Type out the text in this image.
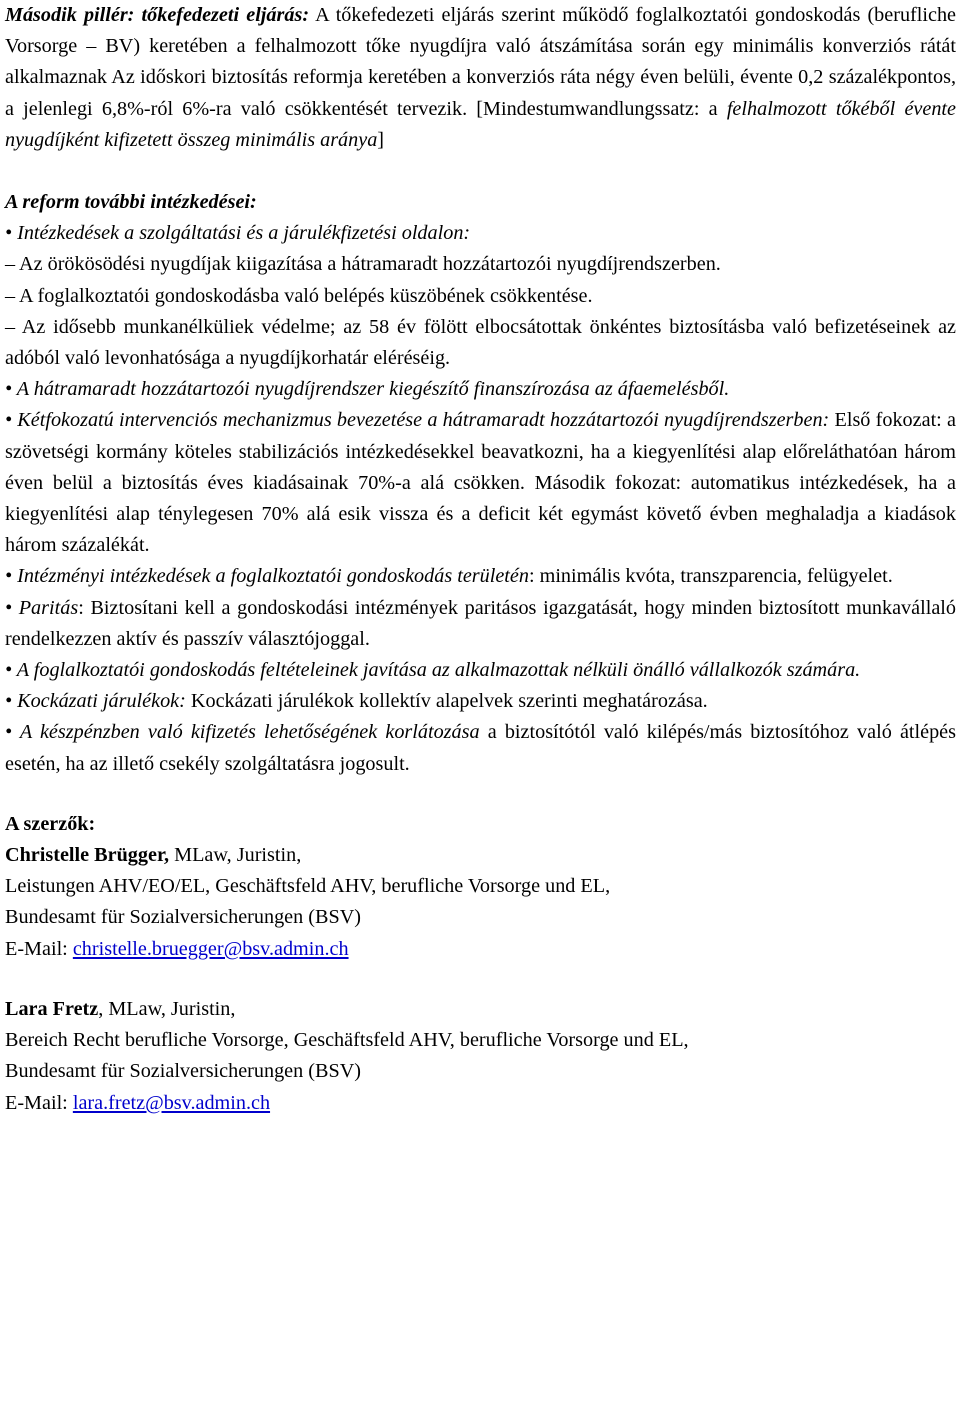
Második pillér: tőkefedezeti eljárás: A tőkefedezeti eljárás szerint működő foglalkoztatói gondoskodás (berufliche Vorsorge – BV) keretében a felhalmozott tőke nyugdíjra való átszámítása során egy minimális konverziós rátát alkalmaznak Az időskori biztosítás reformja keretében a konverziós ráta négy éven belüli, évente 0,2 százalékpontos, a jelenlegi 6,8%-ról 6%-ra való csökkentését tervezik. [Mindestumwandlungssatz: a felhalmozott tőkéből évente nyugdíjként kifizetett összeg minimális aránya]

A reform további intézkedései:

• Intézkedések a szolgáltatási és a járulékfizetési oldalon:

– Az örökösödési nyugdíjak kiigazítása a hátramaradt hozzátartozói nyugdíjrendszerben.

– A foglalkoztatói gondoskodásba való belépés küszöbének csökkentése.

– Az idősebb munkanélküliek védelme; az 58 év fölött elbocsátottak önkéntes biztosításba való befizetéseinek az adóból való levonhatósága a nyugdíjkorhatár eléréséig.

• A hátramaradt hozzátartozói nyugdíjrendszer kiegészítő finanszírozása az áfaemelésből.

• Kétfokozatú intervenciós mechanizmus bevezetése a hátramaradt hozzátartozói nyugdíjrendszerben: Első fokozat: a szövetségi kormány köteles stabilizációs intézkedésekkel beavatkozni, ha a kiegyenlítési alap előreláthatóan három éven belül a biztosítás éves kiadásainak 70%-a alá csökken. Második fokozat: automatikus intézkedések, ha a kiegyenlítési alap ténylegesen 70% alá esik vissza és a deficit két egymást követő évben meghaladja a kiadások három százalékát.

• Intézményi intézkedések a foglalkoztatói gondoskodás területén: minimális kvóta, transzparencia, felügyelet.

• Paritás: Biztosítani kell a gondoskodási intézmények paritásos igazgatását, hogy minden biztosított munkavállaló rendelkezzen aktív és passzív választójoggal.

• A foglalkoztatói gondoskodás feltételeinek javítása az alkalmazottak nélküli önálló vállalkozók számára.

• Kockázati járulékok: Kockázati járulékok kollektív alapelvek szerinti meghatározása.

• A készpénzben való kifizetés lehetőségének korlátozása a biztosítótól való kilépés/más biztosítóhoz való átlépés esetén, ha az illető csekély szolgáltatásra jogosult.

A szerzők:

Christelle Brügger, MLaw, Juristin,

Leistungen AHV/EO/EL, Geschäftsfeld AHV, berufliche Vorsorge und EL,

Bundesamt für Sozialversicherungen (BSV)

E-Mail: christelle.bruegger@bsv.admin.ch

Lara Fretz, MLaw, Juristin,

Bereich Recht berufliche Vorsorge, Geschäftsfeld AHV, berufliche Vorsorge und EL,

Bundesamt für Sozialversicherungen (BSV)

E-Mail: lara.fretz@bsv.admin.ch
